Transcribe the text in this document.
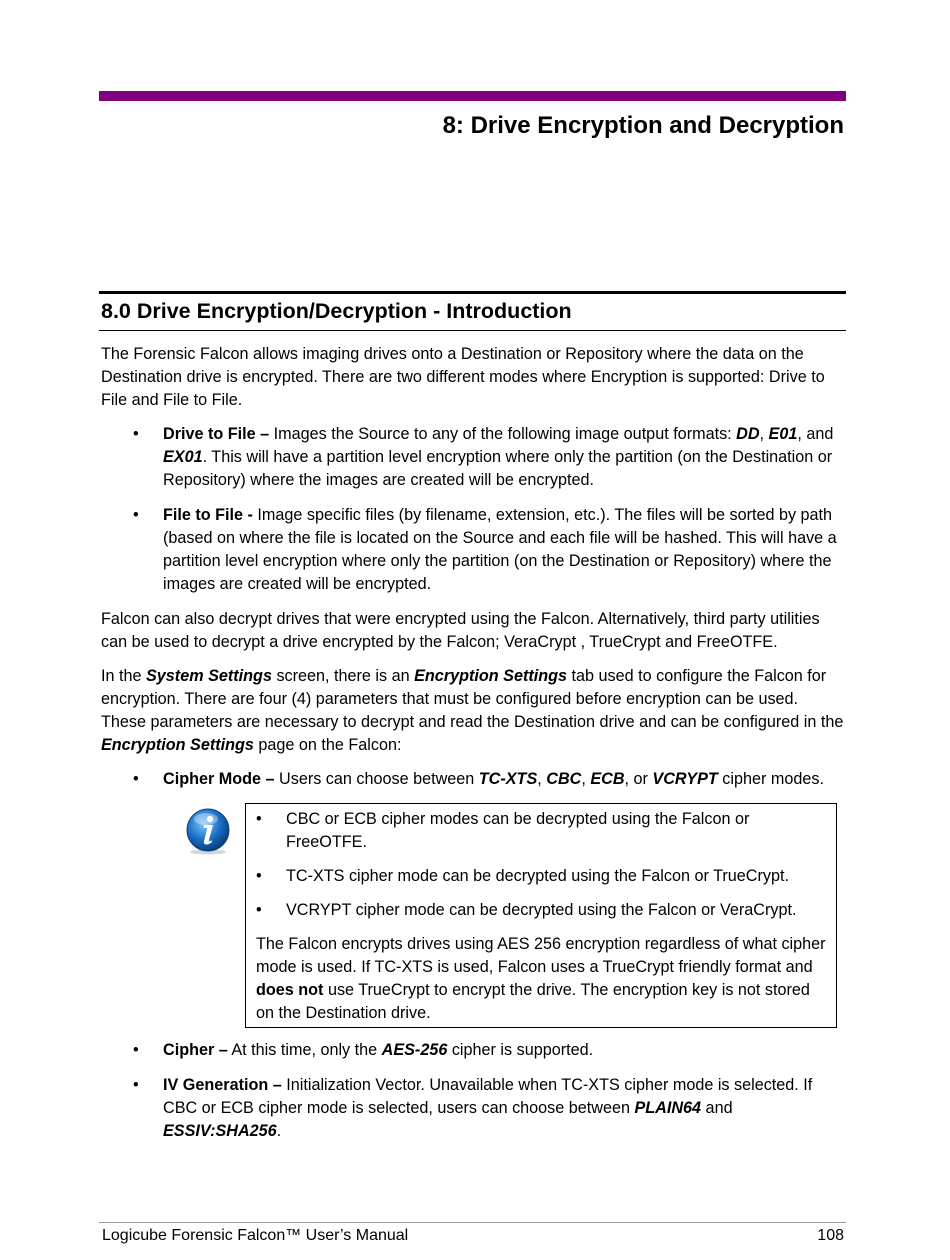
8: Drive Encryption and Decryption
8.0 Drive Encryption/Decryption - Introduction

The Forensic Falcon allows imaging drives onto a Destination or Repository where the data on the Destination drive is encrypted. There are two different modes where Encryption is supported: Drive to File and File to File.

• Drive to File – Images the Source to any of the following image output formats: DD, E01, and EX01. This will have a partition level encryption where only the partition (on the Destination or Repository) where the images are created will be encrypted.
• File to File - Image specific files (by filename, extension, etc.). The files will be sorted by path (based on where the file is located on the Source and each file will be hashed. This will have a partition level encryption where only the partition (on the Destination or Repository) where the images are created will be encrypted.

Falcon can also decrypt drives that were encrypted using the Falcon. Alternatively, third party utilities can be used to decrypt a drive encrypted by the Falcon; VeraCrypt , TrueCrypt and FreeOTFE.

In the System Settings screen, there is an Encryption Settings tab used to configure the Falcon for encryption. There are four (4) parameters that must be configured before encryption can be used. These parameters are necessary to decrypt and read the Destination drive and can be configured in the Encryption Settings page on the Falcon:

• Cipher Mode – Users can choose between TC-XTS, CBC, ECB, or VCRYPT cipher modes.
• CBC or ECB cipher modes can be decrypted using the Falcon or FreeOTFE.
• TC-XTS cipher mode can be decrypted using the Falcon or TrueCrypt.
• VCRYPT cipher mode can be decrypted using the Falcon or VeraCrypt.

The Falcon encrypts drives using AES 256 encryption regardless of what cipher mode is used. If TC-XTS is used, Falcon uses a TrueCrypt friendly format and does not use TrueCrypt to encrypt the drive. The encryption key is not stored on the Destination drive.

• Cipher – At this time, only the AES-256 cipher is supported.
• IV Generation – Initialization Vector. Unavailable when TC-XTS cipher mode is selected. If CBC or ECB cipher mode is selected, users can choose between PLAIN64 and ESSIV:SHA256.
Logicube Forensic Falcon™ User’s Manual	108
